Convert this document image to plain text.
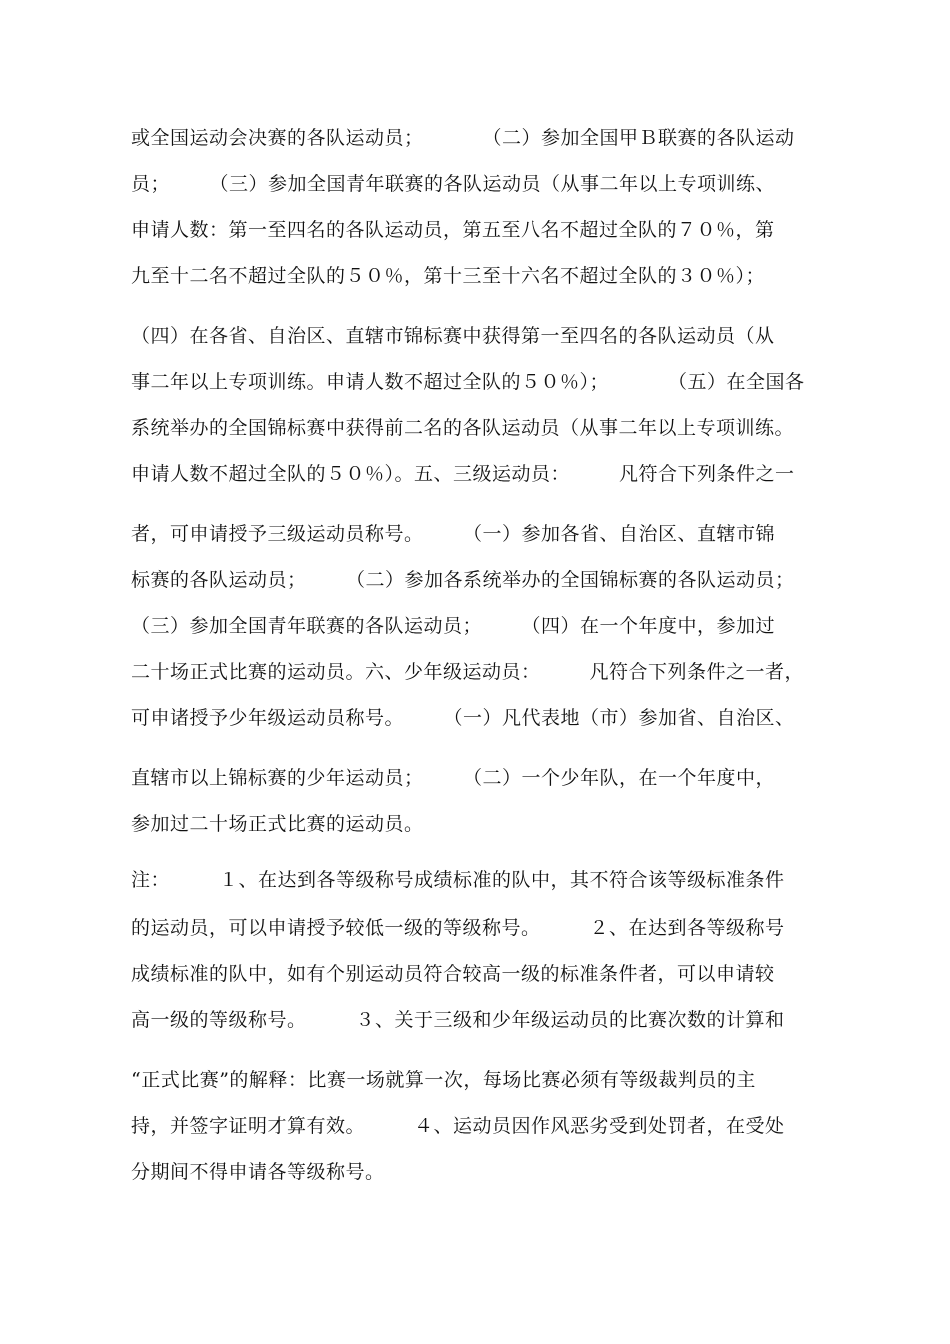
或全国运动会决赛的各队运动员；　　　　（二）参加全国甲Ｂ联赛的各队运动
员；　　　（三）参加全国青年联赛的各队运动员（从事二年以上专项训练、
申请人数：第一至四名的各队运动员，第五至八名不超过全队的７０％，第
九至十二名不超过全队的５０％，第十三至十六名不超过全队的３０％）；
（四）在各省、自治区、直辖市锦标赛中获得第一至四名的各队运动员（从
事二年以上专项训练。申请人数不超过全队的５０％）；　　　　（五）在全国各
系统举办的全国锦标赛中获得前二名的各队运动员（从事二年以上专项训练。
申请人数不超过全队的５０％）。五、三级运动员：　　　凡符合下列条件之一
者，可申请授予三级运动员称号。　　　（一）参加各省、自治区、直辖市锦
标赛的各队运动员；　　　（二）参加各系统举办的全国锦标赛的各队运动员；
（三）参加全国青年联赛的各队运动员；　　　（四）在一个年度中，参加过
二十场正式比赛的运动员。六、少年级运动员：　　　凡符合下列条件之一者，
可申诸授予少年级运动员称号。　　　（一）凡代表地（市）参加省、自治区、
直辖市以上锦标赛的少年运动员；　　　（二）一个少年队，在一个年度中，
参加过二十场正式比赛的运动员。
注：　　　１、在达到各等级称号成绩标准的队中，其不符合该等级标准条件
的运动员，可以申请授予较低一级的等级称号。　　　２、在达到各等级称号
成绩标准的队中，如有个别运动员符合较高一级的标准条件者，可以申请较
高一级的等级称号。　　　３、关于三级和少年级运动员的比赛次数的计算和
“正式比赛”的解释：比赛一场就算一次，每场比赛必须有等级裁判员的主
持，并签字证明才算有效。　　　４、运动员因作风恶劣受到处罚者，在受处
分期间不得申请各等级称号。
